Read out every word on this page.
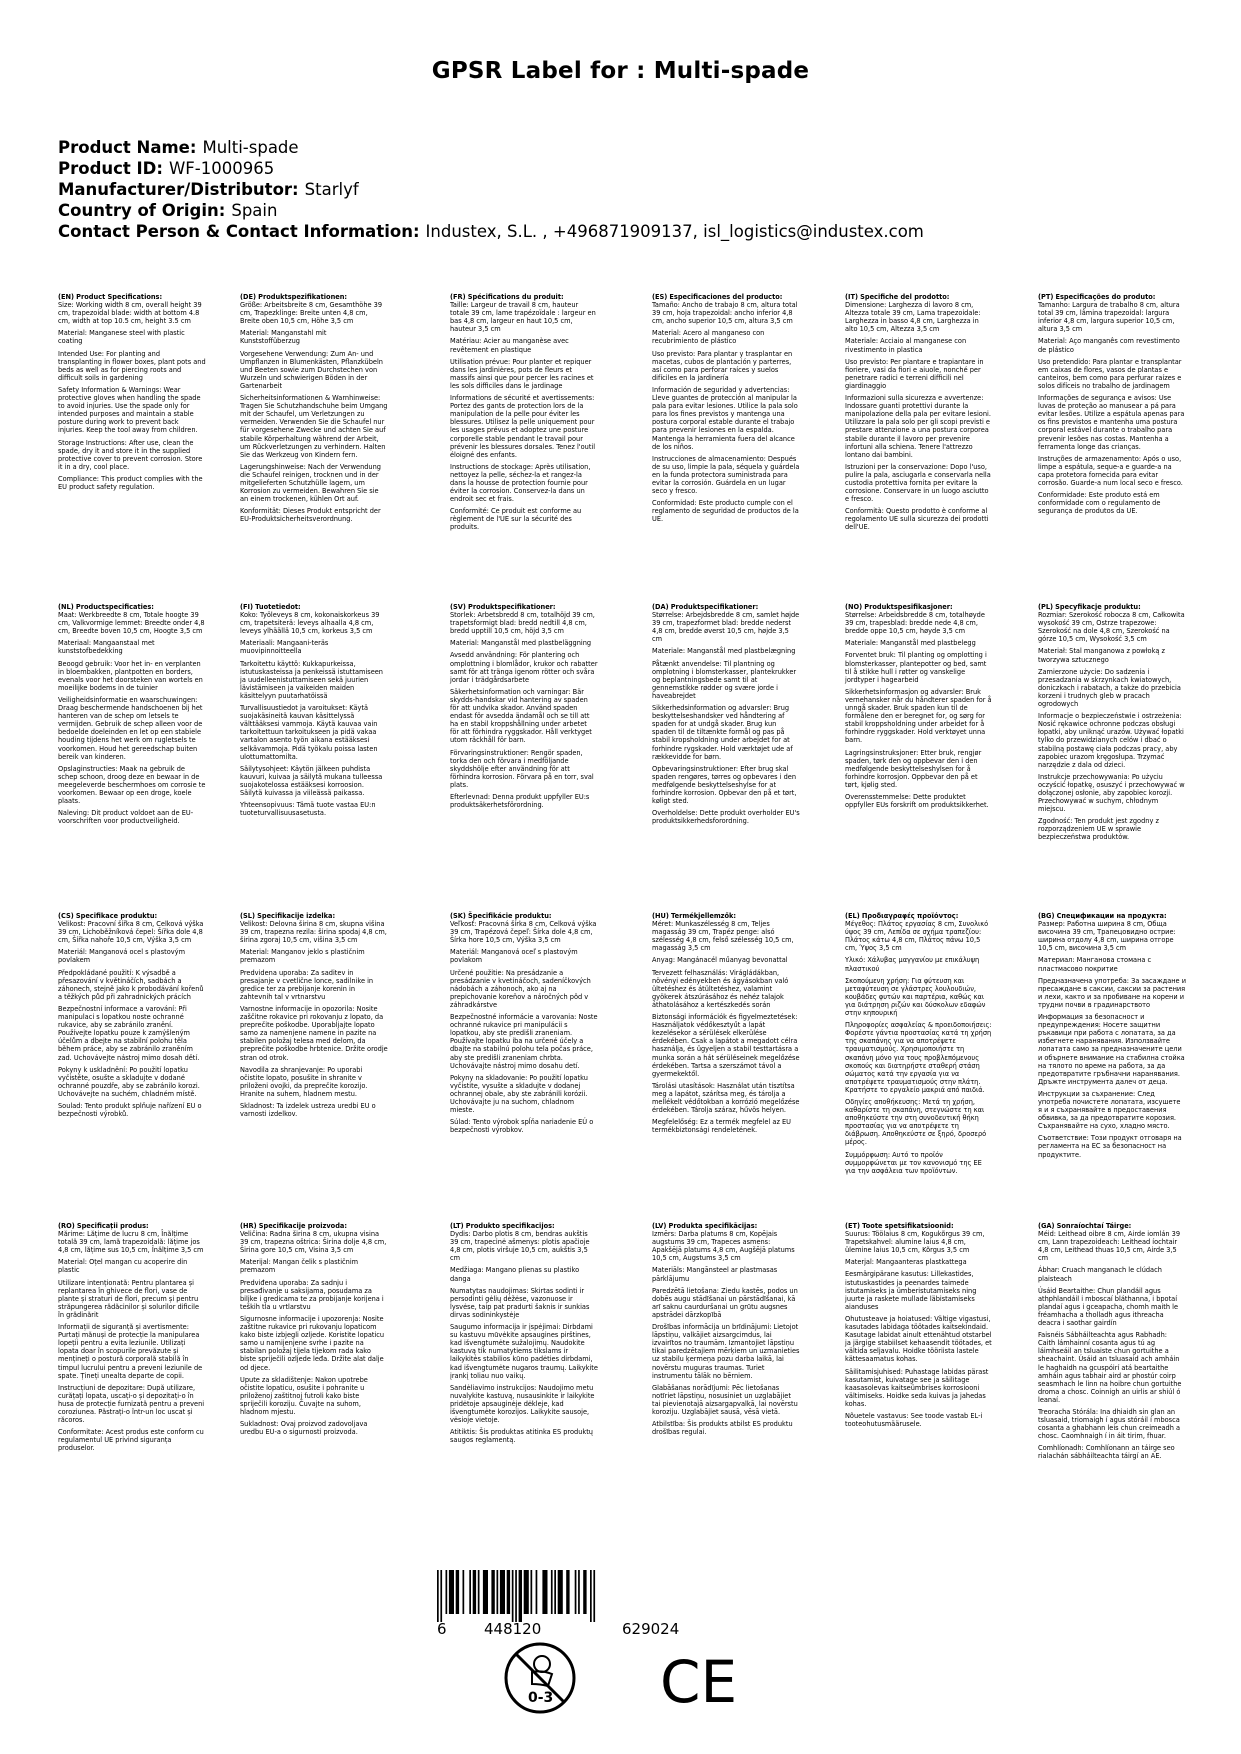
GPSR Label for : Multi-spade
Product Name: Multi-spade
Product ID: WF-1000965
Manufacturer/Distributor: Starlyf
Country of Origin: Spain
Contact Person & Contact Information: Industex, S.L. , +496871909137, isl_logistics@industex.com

(EN) Product Specifications:
Size: Working width 8 cm, overall height 39 cm, trapezoidal blade: width at bottom 4.8 cm, width at top 10.5 cm, height 3.5 cm

Material: Manganese steel with plastic coating

Intended Use: For planting and transplanting in flower boxes, plant pots and beds as well as for piercing roots and difficult soils in gardening

Safety Information & Warnings: Wear protective gloves when handling the spade to avoid injuries. Use the spade only for intended purposes and maintain a stable posture during work to prevent back injuries. Keep the tool away from children.

Storage Instructions: After use, clean the spade, dry it and store it in the supplied protective cover to prevent corrosion. Store it in a dry, cool place.

Compliance: This product complies with the EU product safety regulation.

(DE) Produktspezifikationen:
Größe: Arbeitsbreite 8 cm, Gesamthöhe 39 cm, Trapezklinge: Breite unten 4,8 cm, Breite oben 10,5 cm, Höhe 3,5 cm

Material: Manganstahl mit Kunststoffüberzug

Vorgesehene Verwendung: Zum An- und Umpflanzen in Blumenkästen, Pflanzkübeln und Beeten sowie zum Durchstechen von Wurzeln und schwierigen Böden in der Gartenarbeit

Sicherheitsinformationen & Warnhinweise: Tragen Sie Schutzhandschuhe beim Umgang mit der Schaufel, um Verletzungen zu vermeiden. Verwenden Sie die Schaufel nur für vorgesehene Zwecke und achten Sie auf stabile Körperhaltung während der Arbeit, um Rückverletzungen zu verhindern. Halten Sie das Werkzeug von Kindern fern.

Lagerungshinweise: Nach der Verwendung die Schaufel reinigen, trocknen und in der mitgelieferten Schutzhülle lagern, um Korrosion zu vermeiden. Bewahren Sie sie an einem trockenen, kühlen Ort auf.

Konformität: Dieses Produkt entspricht der EU-Produktsicherheitsverordnung.

(FR) Spécifications du produit:
Taille: Largeur de travail 8 cm, hauteur totale 39 cm, lame trapézoïdale : largeur en bas 4,8 cm, largeur en haut 10,5 cm, hauteur 3,5 cm

Matériau: Acier au manganèse avec revêtement en plastique

Utilisation prévue: Pour planter et repiquer dans les jardinières, pots de fleurs et massifs ainsi que pour percer les racines et les sols difficiles dans le jardinage

Informations de sécurité et avertissements: Portez des gants de protection lors de la manipulation de la pelle pour éviter les blessures. Utilisez la pelle uniquement pour les usages prévus et adoptez une posture corporelle stable pendant le travail pour prévenir les blessures dorsales. Tenez l'outil éloigné des enfants.

Instructions de stockage: Après utilisation, nettoyez la pelle, séchez-la et rangez-la dans la housse de protection fournie pour éviter la corrosion. Conservez-la dans un endroit sec et frais.

Conformité: Ce produit est conforme au règlement de l'UE sur la sécurité des produits.

(ES) Especificaciones del producto:
Tamaño: Ancho de trabajo 8 cm, altura total 39 cm, hoja trapezoidal: ancho inferior 4,8 cm, ancho superior 10,5 cm, altura 3,5 cm

Material: Acero al manganeso con recubrimiento de plástico

Uso previsto: Para plantar y trasplantar en macetas, cubos de plantación y parterres, así como para perforar raíces y suelos difíciles en la jardinería

Información de seguridad y advertencias: Lleve guantes de protección al manipular la pala para evitar lesiones. Utilice la pala solo para los fines previstos y mantenga una postura corporal estable durante el trabajo para prevenir lesiones en la espalda. Mantenga la herramienta fuera del alcance de los niños.

Instrucciones de almacenamiento: Después de su uso, limpie la pala, séquela y guárdela en la funda protectora suministrada para evitar la corrosión. Guárdela en un lugar seco y fresco.

Conformidad: Este producto cumple con el reglamento de seguridad de productos de la UE.

(IT) Specifiche del prodotto:
Dimensione: Larghezza di lavoro 8 cm, Altezza totale 39 cm, Lama trapezoidale: Larghezza in basso 4,8 cm, Larghezza in alto 10,5 cm, Altezza 3,5 cm

Materiale: Acciaio al manganese con rivestimento in plastica

Uso previsto: Per piantare e trapiantare in fioriere, vasi da fiori e aiuole, nonché per penetrare radici e terreni difficili nel giardinaggio

Informazioni sulla sicurezza e avvertenze: Indossare guanti protettivi durante la manipolazione della pala per evitare lesioni. Utilizzare la pala solo per gli scopi previsti e prestare attenzione a una postura corporea stabile durante il lavoro per prevenire infortuni alla schiena. Tenere l'attrezzo lontano dai bambini.

Istruzioni per la conservazione: Dopo l'uso, pulire la pala, asciugarla e conservarla nella custodia protettiva fornita per evitare la corrosione. Conservare in un luogo asciutto e fresco.

Conformità: Questo prodotto è conforme al regolamento UE sulla sicurezza dei prodotti dell'UE.

(PT) Especificações do produto:
Tamanho: Largura de trabalho 8 cm, altura total 39 cm, lâmina trapezoidal: largura inferior 4,8 cm, largura superior 10,5 cm, altura 3,5 cm

Material: Aço manganês com revestimento de plástico

Uso pretendido: Para plantar e transplantar em caixas de flores, vasos de plantas e canteiros, bem como para perfurar raízes e solos difíceis no trabalho de jardinagem

Informações de segurança e avisos: Use luvas de proteção ao manusear a pá para evitar lesões. Utilize a espátula apenas para os fins previstos e mantenha uma postura corporal estável durante o trabalho para prevenir lesões nas costas. Mantenha a ferramenta longe das crianças.

Instruções de armazenamento: Após o uso, limpe a espátula, seque-a e guarde-a na capa protetora fornecida para evitar corrosão. Guarde-a num local seco e fresco.

Conformidade: Este produto está em conformidade com o regulamento de segurança de produtos da UE.

(NL) Productspecificaties:
Maat: Werkbreedte 8 cm, Totale hoogte 39 cm, Valkvormige lemmet: Breedte onder 4,8 cm, Breedte boven 10,5 cm, Hoogte 3,5 cm

Materiaal: Mangaanstaal met kunststofbedekking

Beoogd gebruik: Voor het in- en verplanten in bloembakken, plantpotten en borders, evenals voor het doorsteken van wortels en moeilijke bodems in de tuinier

Veiligheidsinformatie en waarschuwingen: Draag beschermende handschoenen bij het hanteren van de schep om letsels te vermijden. Gebruik de schep alleen voor de bedoelde doeleinden en let op een stabiele houding tijdens het werk om rugletsels te voorkomen. Houd het gereedschap buiten bereik van kinderen.

Opslaginstructies: Maak na gebruik de schep schoon, droog deze en bewaar in de meegeleverde beschermhoes om corrosie te voorkomen. Bewaar op een droge, koele plaats.

Naleving: Dit product voldoet aan de EU-voorschriften voor productveiligheid.

(FI) Tuotetiedot:
Koko: Työleveys 8 cm, kokonaiskorkeus 39 cm, trapetsiterä: leveys alhaalla 4,8 cm, leveys ylhäällä 10,5 cm, korkeus 3,5 cm

Materiaali: Mangaani-teräs muovipinnoitteella

Tarkoitettu käyttö: Kukkapurkeissa, istutuskasteissa ja penkeissä istuttamiseen ja uudelleenistuttamiseen sekä juurien lävistämiseen ja vaikeiden maiden käsittelyyn puutarhatöissä

Turvallisuustiedot ja varoitukset: Käytä suojakäsineitä kauvan käsittelyssä välttääksesi vammoja. Käytä kauvaa vain tarkoitettuun tarkoitukseen ja pidä vakaa vartalon asento työn aikana estääksesi selkävammoja. Pidä työkalu poissa lasten ulottumattomilta.

Säilytysohjeet: Käytön jälkeen puhdista kauvuri, kuivaa ja säilytä mukana tulleessa suojakotelossa estääksesi korroosion. Säilytä kuivassa ja viileässä paikassa.

Yhteensopivuus: Tämä tuote vastaa EU:n tuoteturvallisuusasetusta.

(SV) Produktspecifikationer:
Storlek: Arbetsbredd 8 cm, totalhöjd 39 cm, trapetsformigt blad: bredd nedtill 4,8 cm, bredd upptill 10,5 cm, höjd 3,5 cm

Material: Manganstål med plastbeläggning

Avsedd användning: För plantering och omplottning i blomlådor, krukor och rabatter samt för att tränga igenom rötter och svåra jordar i trädgårdsarbete

Säkerhetsinformation och varningar: Bär skydds-handskar vid hantering av spaden för att undvika skador. Använd spaden endast för avsedda ändamål och se till att ha en stabil kroppshållning under arbetet för att förhindra ryggskador. Håll verktyget utom räckhåll för barn.

Förvaringsinstruktioner: Rengör spaden, torka den och förvara i medföljande skyddshölje efter användning för att förhindra korrosion. Förvara på en torr, sval plats.

Efterlevnad: Denna produkt uppfyller EU:s produktsäkerhetsförordning.

(DA) Produktspecifikationer:
Størrelse: Arbejdsbredde 8 cm, samlet højde 39 cm, trapezformet blad: bredde nederst 4,8 cm, bredde øverst 10,5 cm, højde 3,5 cm

Materiale: Manganstål med plastbelægning

Påtænkt anvendelse: Til plantning og omplotning i blomsterkasser, plantekrukker og beplantningsbede samt til at gennemstikke rødder og svære jorde i haveabrejdet

Sikkerhedsinformation og advarsler: Brug beskyttelseshandsker ved håndtering af spaden for at undgå skader. Brug kun spaden til de tiltænkte formål og pas på stabil kropsholdning under arbejdet for at forhindre rygskader. Hold værktøjet ude af rækkevidde for børn.

Opbevaringsinstruktioner: Efter brug skal spaden rengøres, tørres og opbevares i den medfølgende beskyttelseshylse for at forhindre korrosion. Opbevar den på et tørt, køligt sted.

Overholdelse: Dette produkt overholder EU's produktsikkerhedsforordning.

(NO) Produktspesifikasjoner:
Størrelse: Arbeidsbredde 8 cm, totalhøyde 39 cm, trapesblad: bredde nede 4,8 cm, bredde oppe 10,5 cm, høyde 3,5 cm

Materiale: Manganstål med plastbelegg

Forventet bruk: Til planting og omplotting i blomsterkasser, plantepotter og bed, samt til å stikke hull i røtter og vanskelige jordtyper i hagearbeid

Sikkerhetsinformasjon og advarsler: Bruk vernehansker når du håndterer spaden for å unngå skader. Bruk spaden kun til de formålene den er beregnet for, og sørg for stabil kroppsholdning under arbeidet for å forhindre ryggskader. Hold verktøyet unna barn.

Lagringsinstruksjoner: Etter bruk, rengjør spaden, tørk den og oppbevar den i den medfølgende beskyttelseshylsen for å forhindre korrosjon. Oppbevar den på et tørt, kjølig sted.

Overensstemmelse: Dette produktet oppfyller EUs forskrift om produktsikkerhet.

(PL) Specyfikacje produktu:
Rozmiar: Szerokość robocza 8 cm, Całkowita wysokość 39 cm, Ostrze trapezowe: Szerokość na dole 4,8 cm, Szerokość na górze 10,5 cm, Wysokość 3,5 cm

Materiał: Stal manganowa z powłoką z tworzywa sztucznego

Zamierzone użycie: Do sadzenia i przesadzania w skrzynkach kwiatowych, doniczkach i rabatach, a także do przebicia korzeni i trudnych gleb w pracach ogrodowych

Informacje o bezpieczeństwie i ostrzeżenia: Nosić rękawice ochronne podczas obsługi łopatki, aby uniknąć urazów. Używać łopatki tylko do przewidzianych celów i dbać o stabilną postawę ciała podczas pracy, aby zapobiec urazom kręgosłupa. Trzymać narzędzie z dala od dzieci.

Instrukcje przechowywania: Po użyciu oczyścić łopatkę, osuszyć i przechowywać w dołączonej osłonie, aby zapobiec korozji. Przechowywać w suchym, chłodnym miejscu.

Zgodność: Ten produkt jest zgodny z rozporządzeniem UE w sprawie bezpieczeństwa produktów.

(CS) Specifikace produktu:
Velikost: Pracovní šířka 8 cm, Celková výška 39 cm, Lichoběžníková čepel: Šířka dole 4,8 cm, Šířka nahoře 10,5 cm, Výška 3,5 cm

Materiál: Manganová ocel s plastovým povlakem

Předpokládané použití: K výsadbě a přesazování v květináčích, sadbách a záhonech, stejně jako k probodávání kořenů a těžkých půd při zahradnických prácích

Bezpečnostní informace a varování: Při manipulaci s lopatkou noste ochranné rukavice, aby se zabránilo zranění. Používejte lopatku pouze k zamýšleným účelům a dbejte na stabilní polohu těla během práce, aby se zabránilo zraněním zad. Uchovávejte nástroj mimo dosah dětí.

Pokyny k uskladnění: Po použití lopatku vyčistěte, osušte a skladujte v dodané ochranné pouzdře, aby se zabránilo korozi. Uchovávejte na suchém, chladném místě.

Soulad: Tento produkt splňuje nařízení EU o bezpečnosti výrobků.

(SL) Specifikacije izdelka:
Velikost: Delovna širina 8 cm, skupna višina 39 cm, trapezna rezila: širina spodaj 4,8 cm, širina zgoraj 10,5 cm, višina 3,5 cm

Material: Manganov jeklo s plastičnim premazom

Predvidena uporaba: Za saditev in presajanje v cvetlične lonce, sadilnike in gredice ter za prebijanje korenin in zahtevnih tal v vrtnarstvu

Varnostne informacije in opozorila: Nosite zaščitne rokavice pri rokovanju z lopato, da preprečite poškodbe. Uporabljajte lopato samo za namenjene namene in pazite na stabilen položaj telesa med delom, da preprečite poškodbe hrbtenice. Držite orodje stran od otrok.

Navodila za shranjevanje: Po uporabi očistite lopato, posušite in shranite v priloženi ovojki, da preprečite korozijo. Hranite na suhem, hladnem mestu.

Skladnost: Ta izdelek ustreza uredbi EU o varnosti izdelkov.

(SK) Špecifikácie produktu:
Veľkosť: Pracovná šírka 8 cm, Celková výška 39 cm, Trapézová čepeľ: Šírka dole 4,8 cm, Šírka hore 10,5 cm, Výška 3,5 cm

Materiál: Manganová oceľ s plastovým povlakom

Určené použitie: Na presádzanie a presádzanie v kvetináčoch, sadeníčkových nádobách a záhonoch, ako aj na prepichovanie koreňov a náročných pôd v záhradkárstve

Bezpečnostné informácie a varovania: Noste ochranné rukavice pri manipulácii s lopatkou, aby ste predišli zraneniam. Používajte lopatku iba na určené účely a dbajte na stabilnú polohu tela počas práce, aby ste predišli zraneniam chrbta. Uchovávajte nástroj mimo dosahu detí.

Pokyny na skladovanie: Po použití lopatku vyčistite, vysušte a skladujte v dodanej ochrannej obale, aby ste zabránili korózii. Uchovávajte ju na suchom, chladnom mieste.

Súlad: Tento výrobok spĺňa nariadenie EÚ o bezpečnosti výrobkov.

(HU) Termékjellemzők:
Méret: Munkaszélesség 8 cm, Teljes magasság 39 cm, Trapéz penge: alsó szélesség 4,8 cm, felső szélesség 10,5 cm, magasság 3,5 cm

Anyag: Mangánacél műanyag bevonattal

Tervezett felhasználás: Virágládákban, növényi edényekben és ágyásokban való ültetéshez és átültetéshez, valamint gyökerek átszúrásához és nehéz talajok áthatolásához a kertészkedés során

Biztonsági információk és figyelmeztetések: Használjatok védőkesztyűt a lapát kezelésekor a sérülések elkerülése érdekében. Csak a lapátot a megadott célra használja, és ügyeljen a stabil testtartásra a munka során a hát sérüléseinek megelőzése érdekében. Tartsa a szerszámot távol a gyermekektől.

Tárolási utasítások: Használat után tisztítsa meg a lapátot, szárítsa meg, és tárolja a mellékelt védőtokban a korrózió megelőzése érdekében. Tárolja száraz, hűvös helyen.

Megfelelőség: Ez a termék megfelel az EU termékbiztonsági rendeletének.

(EL) Προδιαγραφές προϊόντος:
Μέγεθος: Πλάτος εργασίας 8 cm, Συνολικό ύψος 39 cm, Λεπίδα σε σχήμα τραπεζίου: Πλάτος κάτω 4,8 cm, Πλάτος πάνω 10,5 cm, Ύψος 3,5 cm

Υλικό: Χάλυβας μαγγανίου με επικάλυψη πλαστικού

Σκοπούμενη χρήση: Για φύτευση και μεταφύτευση σε γλάστρες λουλουδιών, κουβάδες φυτών και παρτέρια, καθώς και για διάτρηση ριζών και δύσκολων εδαφών στην κηπουρική

Πληροφορίες ασφαλείας & προειδοποιήσεις: Φορέστε γάντια προστασίας κατά τη χρήση της σκαπάνης για να αποτρέψετε τραυματισμούς. Χρησιμοποιήστε τη σκαπάνη μόνο για τους προβλεπόμενους σκοπούς και διατηρήστε σταθερή στάση σώματος κατά την εργασία για να αποτρέψετε τραυματισμούς στην πλάτη. Κρατήστε το εργαλείο μακριά από παιδιά.

Οδηγίες αποθήκευσης: Μετά τη χρήση, καθαρίστε τη σκαπάνη, στεγνώστε τη και αποθηκεύστε την στη συνοδευτική θήκη προστασίας για να αποτρέψετε τη διάβρωση. Αποθηκεύστε σε ξηρό, δροσερό μέρος.

Συμμόρφωση: Αυτό το προϊόν συμμορφώνεται με τον κανονισμό της ΕΕ για την ασφάλεια των προϊόντων.

(BG) Спецификации на продукта:
Размер: Работна ширина 8 cm, Обща височина 39 cm, Трапецовидно острие: ширина отдолу 4,8 cm, ширина отгоре 10,5 cm, височина 3,5 cm

Материал: Манганова стомана с пластмасово покритие

Предназначена употреба: За засаждане и пресаждане в саксии, саксии за растения и лехи, както и за пробиване на корени и трудни почви в градинарството

Информация за безопасност и предупреждения: Носете защитни ръкавици при работа с лопатата, за да избегнете наранявания. Използвайте лопатата само за предназначените цели и обърнете внимание на стабилна стойка на тялото по време на работа, за да предотвратите гръбначни наранявания. Дръжте инструмента далеч от деца.

Инструкции за съхранение: След употреба почистете лопатата, изсушете я и я съхранявайте в предоставения обвивка, за да предотвратите корозия. Съхранявайте на сухо, хладно място.

Съответствие: Този продукт отговаря на регламента на ЕС за безопасност на продуктите.

(RO) Specificații produs:
Mărime: Lățime de lucru 8 cm, Înălțime totală 39 cm, lamă trapezoidală: lățime jos 4,8 cm, lățime sus 10,5 cm, Înălțime 3,5 cm

Material: Oțel mangan cu acoperire din plastic

Utilizare intenționată: Pentru plantarea și replantarea în ghivece de flori, vase de plante și straturi de flori, precum și pentru străpungerea rădăcinilor și solurilor dificile în grădinărit

Informații de siguranță și avertismente: Purtați mănuși de protecție la manipularea lopeții pentru a evita leziunile. Utilizați lopata doar în scopurile prevăzute și mențineți o postură corporală stabilă în timpul lucrului pentru a preveni leziunile de spate. Țineți unealta departe de copii.

Instrucțiuni de depozitare: După utilizare, curățați lopata, uscați-o și depozitați-o în husa de protecție furnizată pentru a preveni coroziunea. Păstrați-o într-un loc uscat și răcoros.

Conformitate: Acest produs este conform cu regulamentul UE privind siguranța produselor.

(HR) Specifikacije proizvoda:
Veličina: Radna širina 8 cm, ukupna visina 39 cm, trapezna oštrica: Širina dolje 4,8 cm, Širina gore 10,5 cm, Visina 3,5 cm

Materijal: Mangan čelik s plastičnim premazom

Predviđena uporaba: Za sadnju i presađivanje u saksijama, posudama za biljke i gredicama te za probijanje korijena i teških tla u vrtlarstvu

Sigurnosne informacije i upozorenja: Nosite zaštitne rukavice pri rukovanju lopaticom kako biste izbjegli ozljede. Koristite lopaticu samo u namijenjene svrhe i pazite na stabilan položaj tijela tijekom rada kako biste spriječili ozljede leđa. Držite alat dalje od djece.

Upute za skladištenje: Nakon upotrebe očistite lopaticu, osušite i pohranite u priloženoj zaštitnoj futroli kako biste spriječili koroziju. Čuvajte na suhom, hladnom mjestu.

Sukladnost: Ovaj proizvod zadovoljava uredbu EU-a o sigurnosti proizvoda.

(LT) Produkto specifikacijos:
Dydis: Darbo plotis 8 cm, bendras aukštis 39 cm, trapecinė ašmenys: plotis apačioje 4,8 cm, plotis viršuje 10,5 cm, aukštis 3,5 cm

Medžiaga: Mangano plienas su plastiko danga

Numatytas naudojimas: Skirtas sodinti ir persodinti gėlių dėžėse, vazonuose ir lysvėse, taip pat pradurti šaknis ir sunkias dirvas sodininkystėje

Saugumo informacija ir įspėjimai: Dirbdami su kastuvu mūvėkite apsaugines pirštines, kad išvengtumėte sužalojimų. Naudokite kastuvą tik numatytiems tikslams ir laikykitės stabilios kūno padėties dirbdami, kad išvengtumėte nugaros traumų. Laikykite įrankį toliau nuo vaikų.

Sandėliavimo instrukcijos: Naudojimo metu nuvalykite kastuvą, nusausinkite ir laikykite pridėtoje apsauginėje dėkleje, kad išvengtumėte korozijos. Laikykite sausoje, vėsioje vietoje.

Atitiktis: Šis produktas atitinka ES produktų saugos reglamentą.

(LV) Produkta specifikācijas:
Izmērs: Darba platums 8 cm, Kopējais augstums 39 cm, Trapeces asmens: Apakšējā platums 4,8 cm, Augšējā platums 10,5 cm, Augstums 3,5 cm

Materiāls: Mangānsteel ar plastmasas pārklājumu

Paredzētā lietošana: Ziedu kastēs, podos un dobēs augu stādīšanai un pārstādīšanai, kā arī saknu caurduršanai un grūtu augsnes apstrādei dārzkopībā

Drošības informācija un brīdinājumi: Lietojot lāpstiņu, valkājiet aizsargcimdus, lai izvairītos no traumām. Izmantojiet lāpstiņu tikai paredzētajiem mērķiem un uzmanieties uz stabilu ķermeņa pozu darba laikā, lai novērstu muguras traumas. Turiet instrumentu tālāk no bērniem.

Glabāšanas norādījumi: Pēc lietošanas notīriet lāpstiņu, nosusiniet un uzglabājiet tai pievienotajā aizsargapvalkā, lai novērstu koroziju. Uzglabājiet sausā, vēsā vietā.

Atbilstība: Šis produkts atbilst ES produktu drošības regulai.

(ET) Toote spetsifikatsioonid:
Suurus: Töölaius 8 cm, Kogukõrgus 39 cm, Trapetskahvel: alumine laius 4,8 cm, ülemine laius 10,5 cm, Kõrgus 3,5 cm

Materjal: Mangaanteras plastkattega

Eesmärgipärane kasutus: Lillekastides, istutuskastides ja peenardes taimede istutamiseks ja ümberistutamiseks ning juurte ja raskete mullade läbistamiseks aianduses

Ohutusteave ja hoiatused: Vältige vigastusi, kasutades labidaga töötades kaitsekindaid. Kasutage labidat ainult ettenähtud otstarbel ja järgige stabiilset kehaasendit töötades, et vältida seljavalu. Hoidke tööriista lastele kättesaamatus kohas.

Säilitamisjuhised: Puhastage labidas pärast kasutamist, kuivatage see ja säilitage kaasasolevas kaitseümbrises korrosiooni vältimiseks. Hoidke seda kuivas ja jahedas kohas.

Nõuetele vastavus: See toode vastab EL-i tooteohutusmäärusele.

(GA) Sonraíochtaí Táirge:
Méid: Leithead oibre 8 cm, Airde iomlán 39 cm, Lann trapezoideach: Leithead íochtair 4,8 cm, Leithead thuas 10,5 cm, Airde 3,5 cm

Ábhar: Cruach manganach le clúdach plaisteach

Úsáid Beartaithe: Chun plandáil agus athphlandáil i mboscaí bláthanna, i bpotaí plandaí agus i gceapacha, chomh maith le fréamhacha a tholladh agus ithreacha deacra i saothar gairdín

Faisnéis Sábháilteachta agus Rabhadh: Caith lámhainní cosanta agus tú ag láimhseáil an tsluaiste chun gortuithe a sheachaint. Úsáid an tsluasaid ach amháin le haghaidh na gcuspóirí atá beartaithe amháin agus tabhair aird ar phostúr coirp seasmhach le linn na hoibre chun gortuithe droma a chosc. Coinnigh an uirlis ar shiúl ó leanaí.

Treoracha Stórála: Ina dhiaidh sin glan an tsluasaid, triomaigh í agus stóráil í mbosca cosanta a ghabhann leis chun creimeadh a chosc. Caomhnaigh í in áit tirim, fhuar.

Comhlíonadh: Comhlíonann an táirge seo rialachán sábháilteachta táirgí an AE.

6 448120	629024
0-3 CE
